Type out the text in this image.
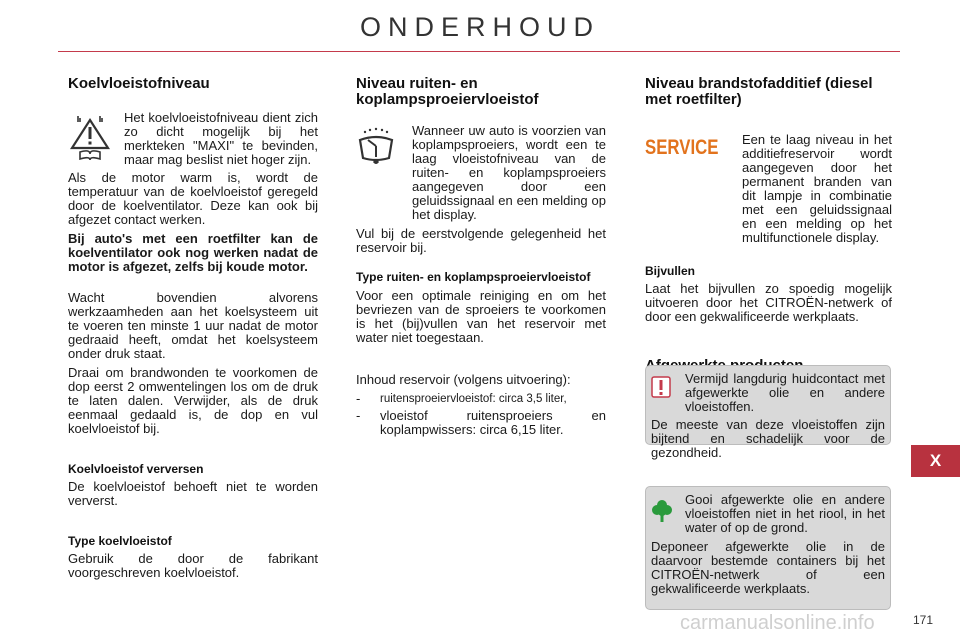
ONDERHOUD
Koelvloeistofniveau

Het koelvloeistofniveau dient zich zo dicht mogelijk bij het merkteken "MAXI" te bevinden, maar mag beslist niet hoger zijn.

Als de motor warm is, wordt de temperatuur van de koelvloeistof geregeld door de koelventilator. Deze kan ook bij afgezet contact werken.

Bij auto's met een roetfilter kan de koelventilator ook nog werken nadat de motor is afgezet, zelfs bij koude motor.

Wacht bovendien alvorens werkzaamheden aan het koelsysteem uit te voeren ten minste 1 uur nadat de motor gedraaid heeft, omdat het koelsysteem onder druk staat.

Draai om brandwonden te voorkomen de dop eerst 2 omwentelingen los om de druk te laten dalen. Verwijder, als de druk eenmaal gedaald is, de dop en vul koelvloeistof bij.

Koelvloeistof verversen

De koelvloeistof behoeft niet te worden ververst.

Type koelvloeistof

Gebruik de door de fabrikant voorgeschreven koelvloeistof.

Niveau ruiten- en koplampsproeiervloeistof

Wanneer uw auto is voorzien van koplampsproeiers, wordt een te laag vloeistofniveau van de ruiten- en koplampsproeiers aangegeven door een geluidssignaal en een melding op het display.

Vul bij de eerstvolgende gelegenheid het reservoir bij.

Type ruiten- en koplampsproeiervloeistof

Voor een optimale reiniging en om het bevriezen van de sproeiers te voorkomen is het (bij)vullen van het reservoir met water niet toegestaan.

Inhoud reservoir (volgens uitvoering):

-	ruitensproeiervloeistof: circa 3,5 liter,
-	vloeistof ruitensproeiers en koplampwissers: circa 6,15 liter.
Niveau brandstofadditief (diesel met roetfilter)
SERVICE	Een te laag niveau in het additiefreservoir wordt aangegeven door het permanent branden van dit lampje in combinatie met een geluidssignaal en een melding op het multifunctionele display.

Bijvullen

Laat het bijvullen zo spoedig mogelijk uitvoeren door het CITROËN-netwerk of door een gekwalificeerde werkplaats.

Vermijd langdurig huidcontact met afgewerkte olie en andere vloeistoffen.

De meeste van deze vloeistoffen zijn bijtend en schadelijk voor de gezondheid.

Gooi afgewerkte olie en andere vloeistoffen niet in het riool, in het water of op de grond.

Deponeer afgewerkte olie in de daarvoor bestemde containers bij het CITROËN-netwerk of een gekwalificeerde werkplaats.

X
carmanualsonline.info	171
